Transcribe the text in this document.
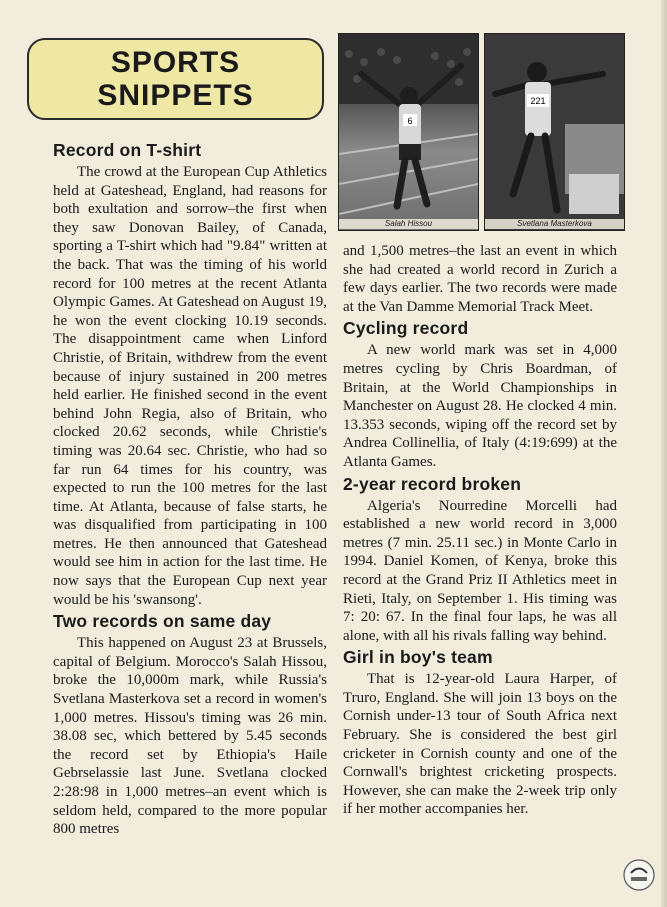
SPORTS
SNIPPETS
6
Salah Hissou
221
Svetlana Masterkova
Record on T-shirt

The crowd at the European Cup Athletics held at Gateshead, England, had reasons for both exultation and sorrow–the first when they saw Donovan Bailey, of Canada, sporting a T-shirt which had "9.84" written at the back. That was the timing of his world record for 100 metres at the recent Atlanta Olympic Games. At Gateshead on August 19, he won the event clocking 10.19 seconds. The disappointment came when Linford Christie, of Britain, withdrew from the event because of injury sustained in 200 metres held earlier. He finished second in the event behind John Regia, also of Britain, who clocked 20.62 seconds, while Christie's timing was 20.64 sec. Christie, who had so far run 64 times for his country, was expected to run the 100 metres for the last time. At Atlanta, because of false starts, he was disqualified from participating in 100 metres. He then announced that Gateshead would see him in action for the last time. He now says that the European Cup next year would be his 'swansong'.

Two records on same day

This happened on August 23 at Brussels, capital of Belgium. Morocco's Salah Hissou, broke the 10,000m mark, while Russia's Svetlana Masterkova set a record in women's 1,000 metres. Hissou's timing was 26 min. 38.08 sec, which bettered by 5.45 seconds the record set by Ethiopia's Haile Gebrselassie last June. Svetlana clocked 2:28:98 in 1,000 metres–an event which is seldom held, compared to the more popular 800 metres

and 1,500 metres–the last an event in which she had created a world record in Zurich a few days earlier. The two records were made at the Van Damme Memorial Track Meet.

Cycling record

A new world mark was set in 4,000 metres cycling by Chris Boardman, of Britain, at the World Championships in Manchester on August 28. He clocked 4 min. 13.353 seconds, wiping off the record set by Andrea Collinellia, of Italy (4:19:699) at the Atlanta Games.

2-year record broken

Algeria's Nourredine Morcelli had established a new world record in 3,000 metres (7 min. 25.11 sec.) in Monte Carlo in 1994. Daniel Komen, of Kenya, broke this record at the Grand Priz II Athletics meet in Rieti, Italy, on September 1. His timing was 7: 20: 67. In the final four laps, he was all alone, with all his rivals falling way behind.

Girl in boy's team

That is 12-year-old Laura Harper, of Truro, England. She will join 13 boys on the Cornish under-13 tour of South Africa next February. She is considered the best girl cricketer in Cornish county and one of the Cornwall's brightest cricketing prospects. However, she can make the 2-week trip only if her mother accompanies her.
